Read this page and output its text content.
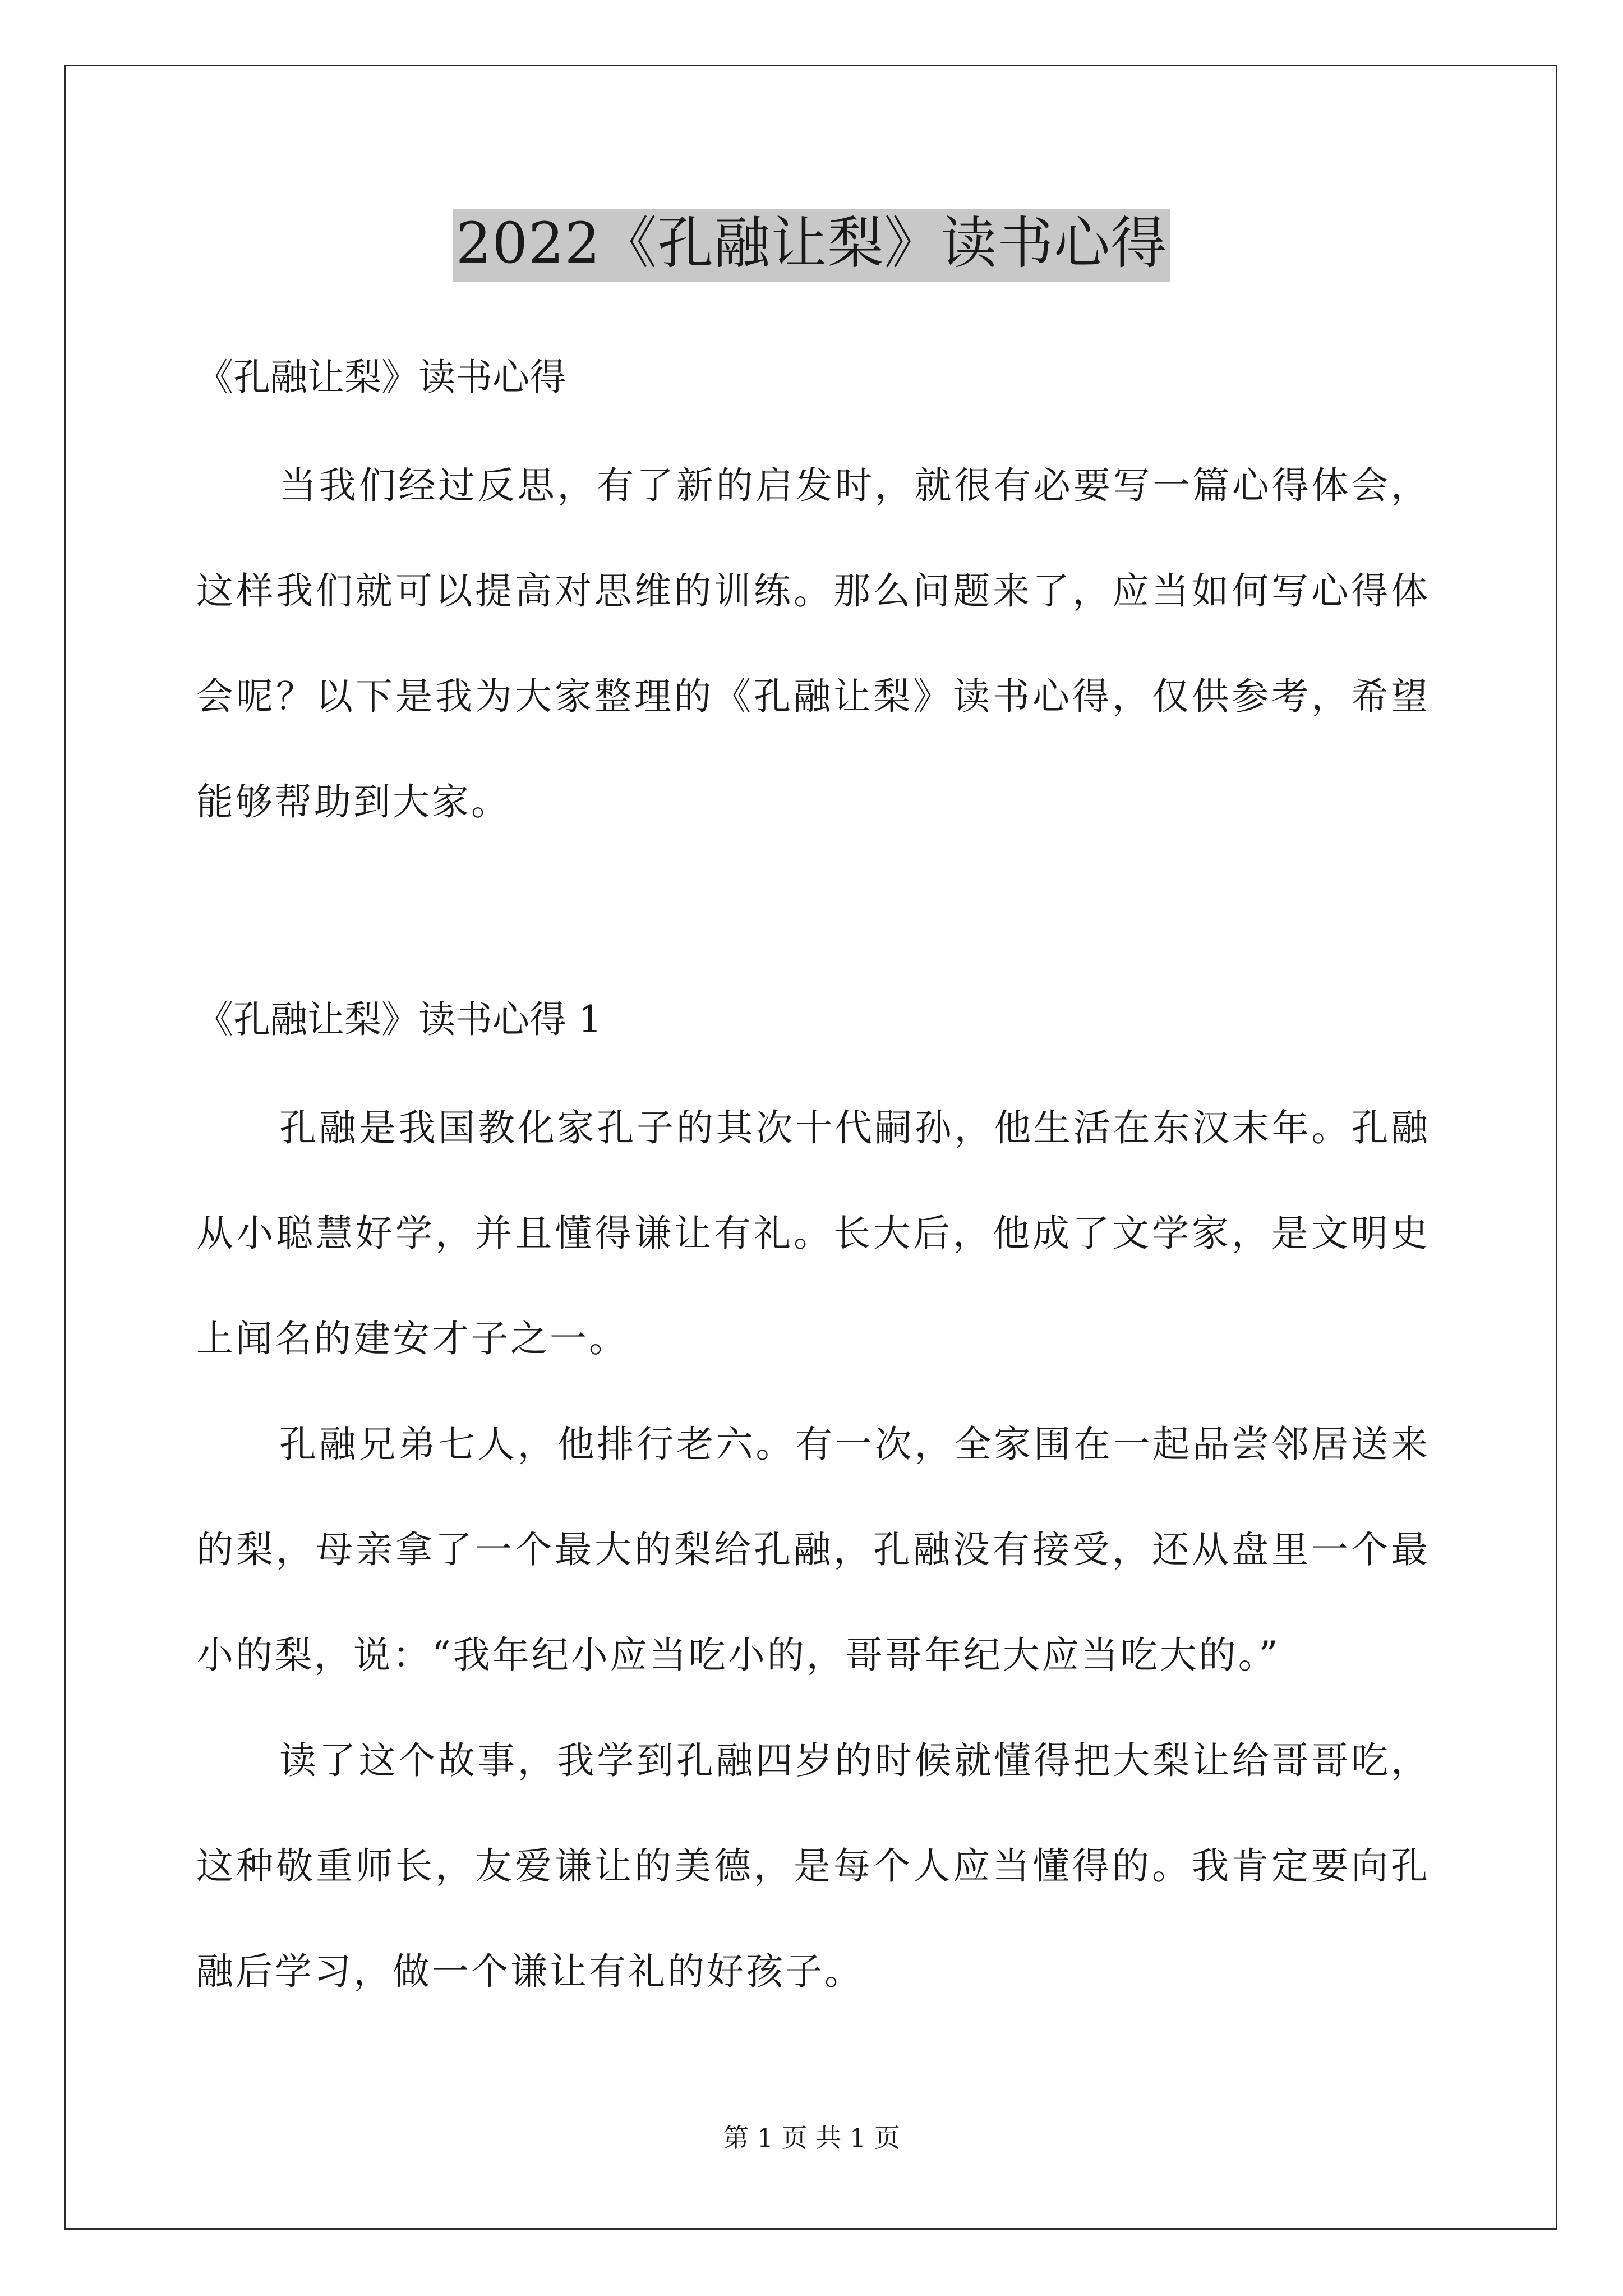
2022《孔融让梨》读书心得
《孔融让梨》读书心得
当我们经过反思，有了新的启发时，就很有必要写一篇心得体会，这样我们就可以提高对思维的训练。那么问题来了，应当如何写心得体会呢？以下是我为大家整理的《孔融让梨》读书心得，仅供参考，希望能够帮助到大家。
《孔融让梨》读书心得 1
孔融是我国教化家孔子的其次十代嗣孙，他生活在东汉末年。孔融从小聪慧好学，并且懂得谦让有礼。长大后，他成了文学家，是文明史上闻名的建安才子之一。
孔融兄弟七人，他排行老六。有一次，全家围在一起品尝邻居送来的梨，母亲拿了一个最大的梨给孔融，孔融没有接受，还从盘里一个最小的梨，说：“我年纪小应当吃小的，哥哥年纪大应当吃大的。”
读了这个故事，我学到孔融四岁的时候就懂得把大梨让给哥哥吃，这种敬重师长，友爱谦让的美德，是每个人应当懂得的。我肯定要向孔融后学习，做一个谦让有礼的好孩子。
第 1 页 共 1 页
